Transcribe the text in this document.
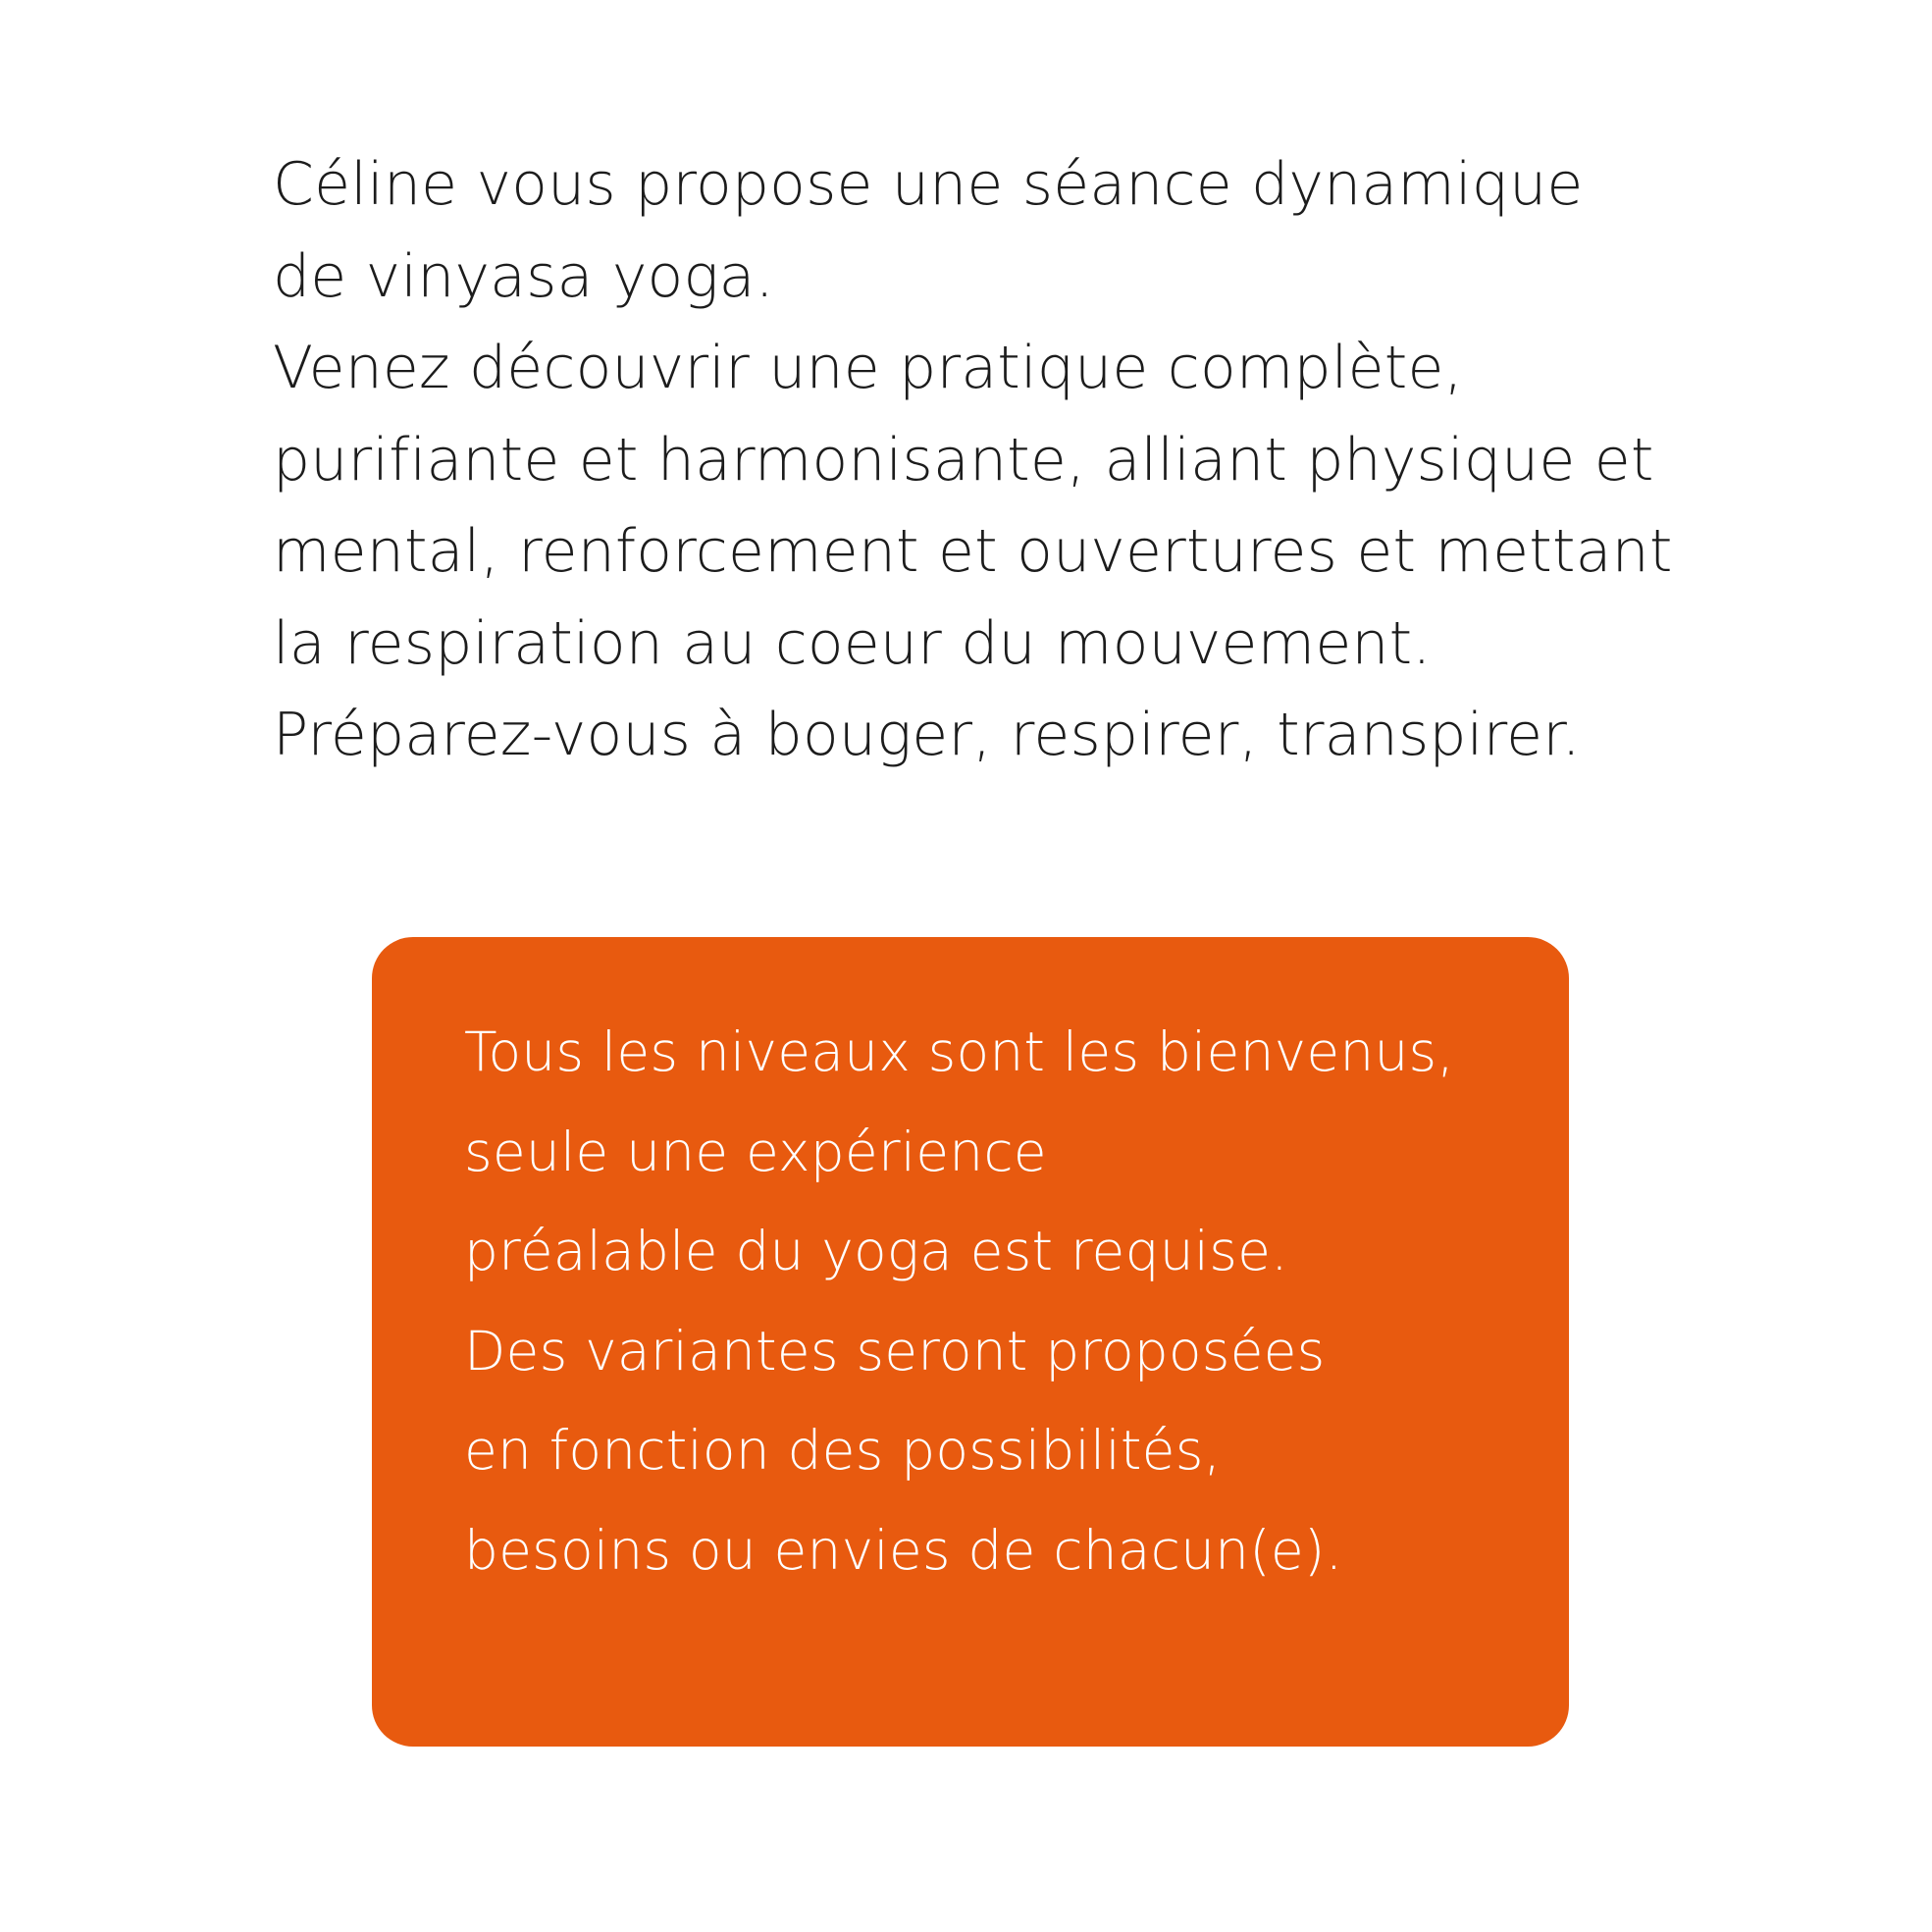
Céline vous propose une séance dynamique
de vinyasa yoga.
Venez découvrir une pratique complète,
purifiante et harmonisante, alliant physique et
mental, renforcement et ouvertures et mettant
la respiration au coeur du mouvement.
Préparez-vous à bouger, respirer, transpirer.
Tous les niveaux sont les bienvenus,
seule une expérience
préalable du yoga est requise.
Des variantes seront proposées
en fonction des possibilités,
besoins ou envies de chacun(e).
